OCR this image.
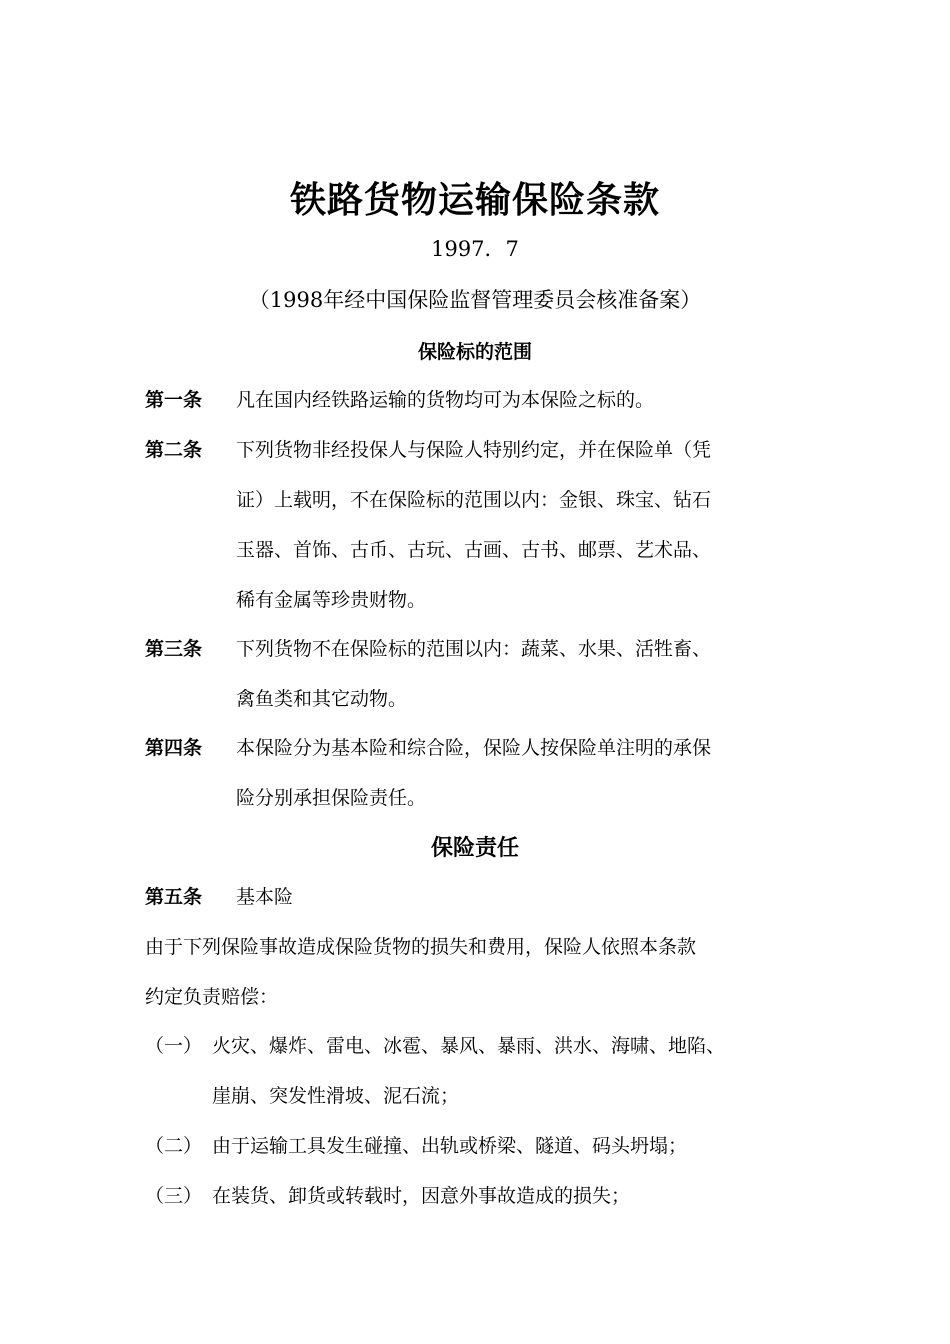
铁路货物运输保险条款
1997．7
（1998年经中国保险监督管理委员会核准备案）
保险标的范围
第一条 凡在国内经铁路运输的货物均可为本保险之标的。
第二条 下列货物非经投保人与保险人特别约定，并在保险单（凭
证）上载明，不在保险标的范围以内：金银、珠宝、钻石
玉器、首饰、古币、古玩、古画、古书、邮票、艺术品、
稀有金属等珍贵财物。
第三条 下列货物不在保险标的范围以内：蔬菜、水果、活牲畜、
禽鱼类和其它动物。
第四条 本保险分为基本险和综合险，保险人按保险单注明的承保
险分别承担保险责任。
保险责任
第五条 基本险
由于下列保险事故造成保险货物的损失和费用，保险人依照本条款
约定负责赔偿：
（一） 火灾、爆炸、雷电、冰雹、暴风、暴雨、洪水、海啸、地陷、
崖崩、突发性滑坡、泥石流；
（二） 由于运输工具发生碰撞、出轨或桥梁、隧道、码头坍塌；
（三） 在装货、卸货或转载时，因意外事故造成的损失；
